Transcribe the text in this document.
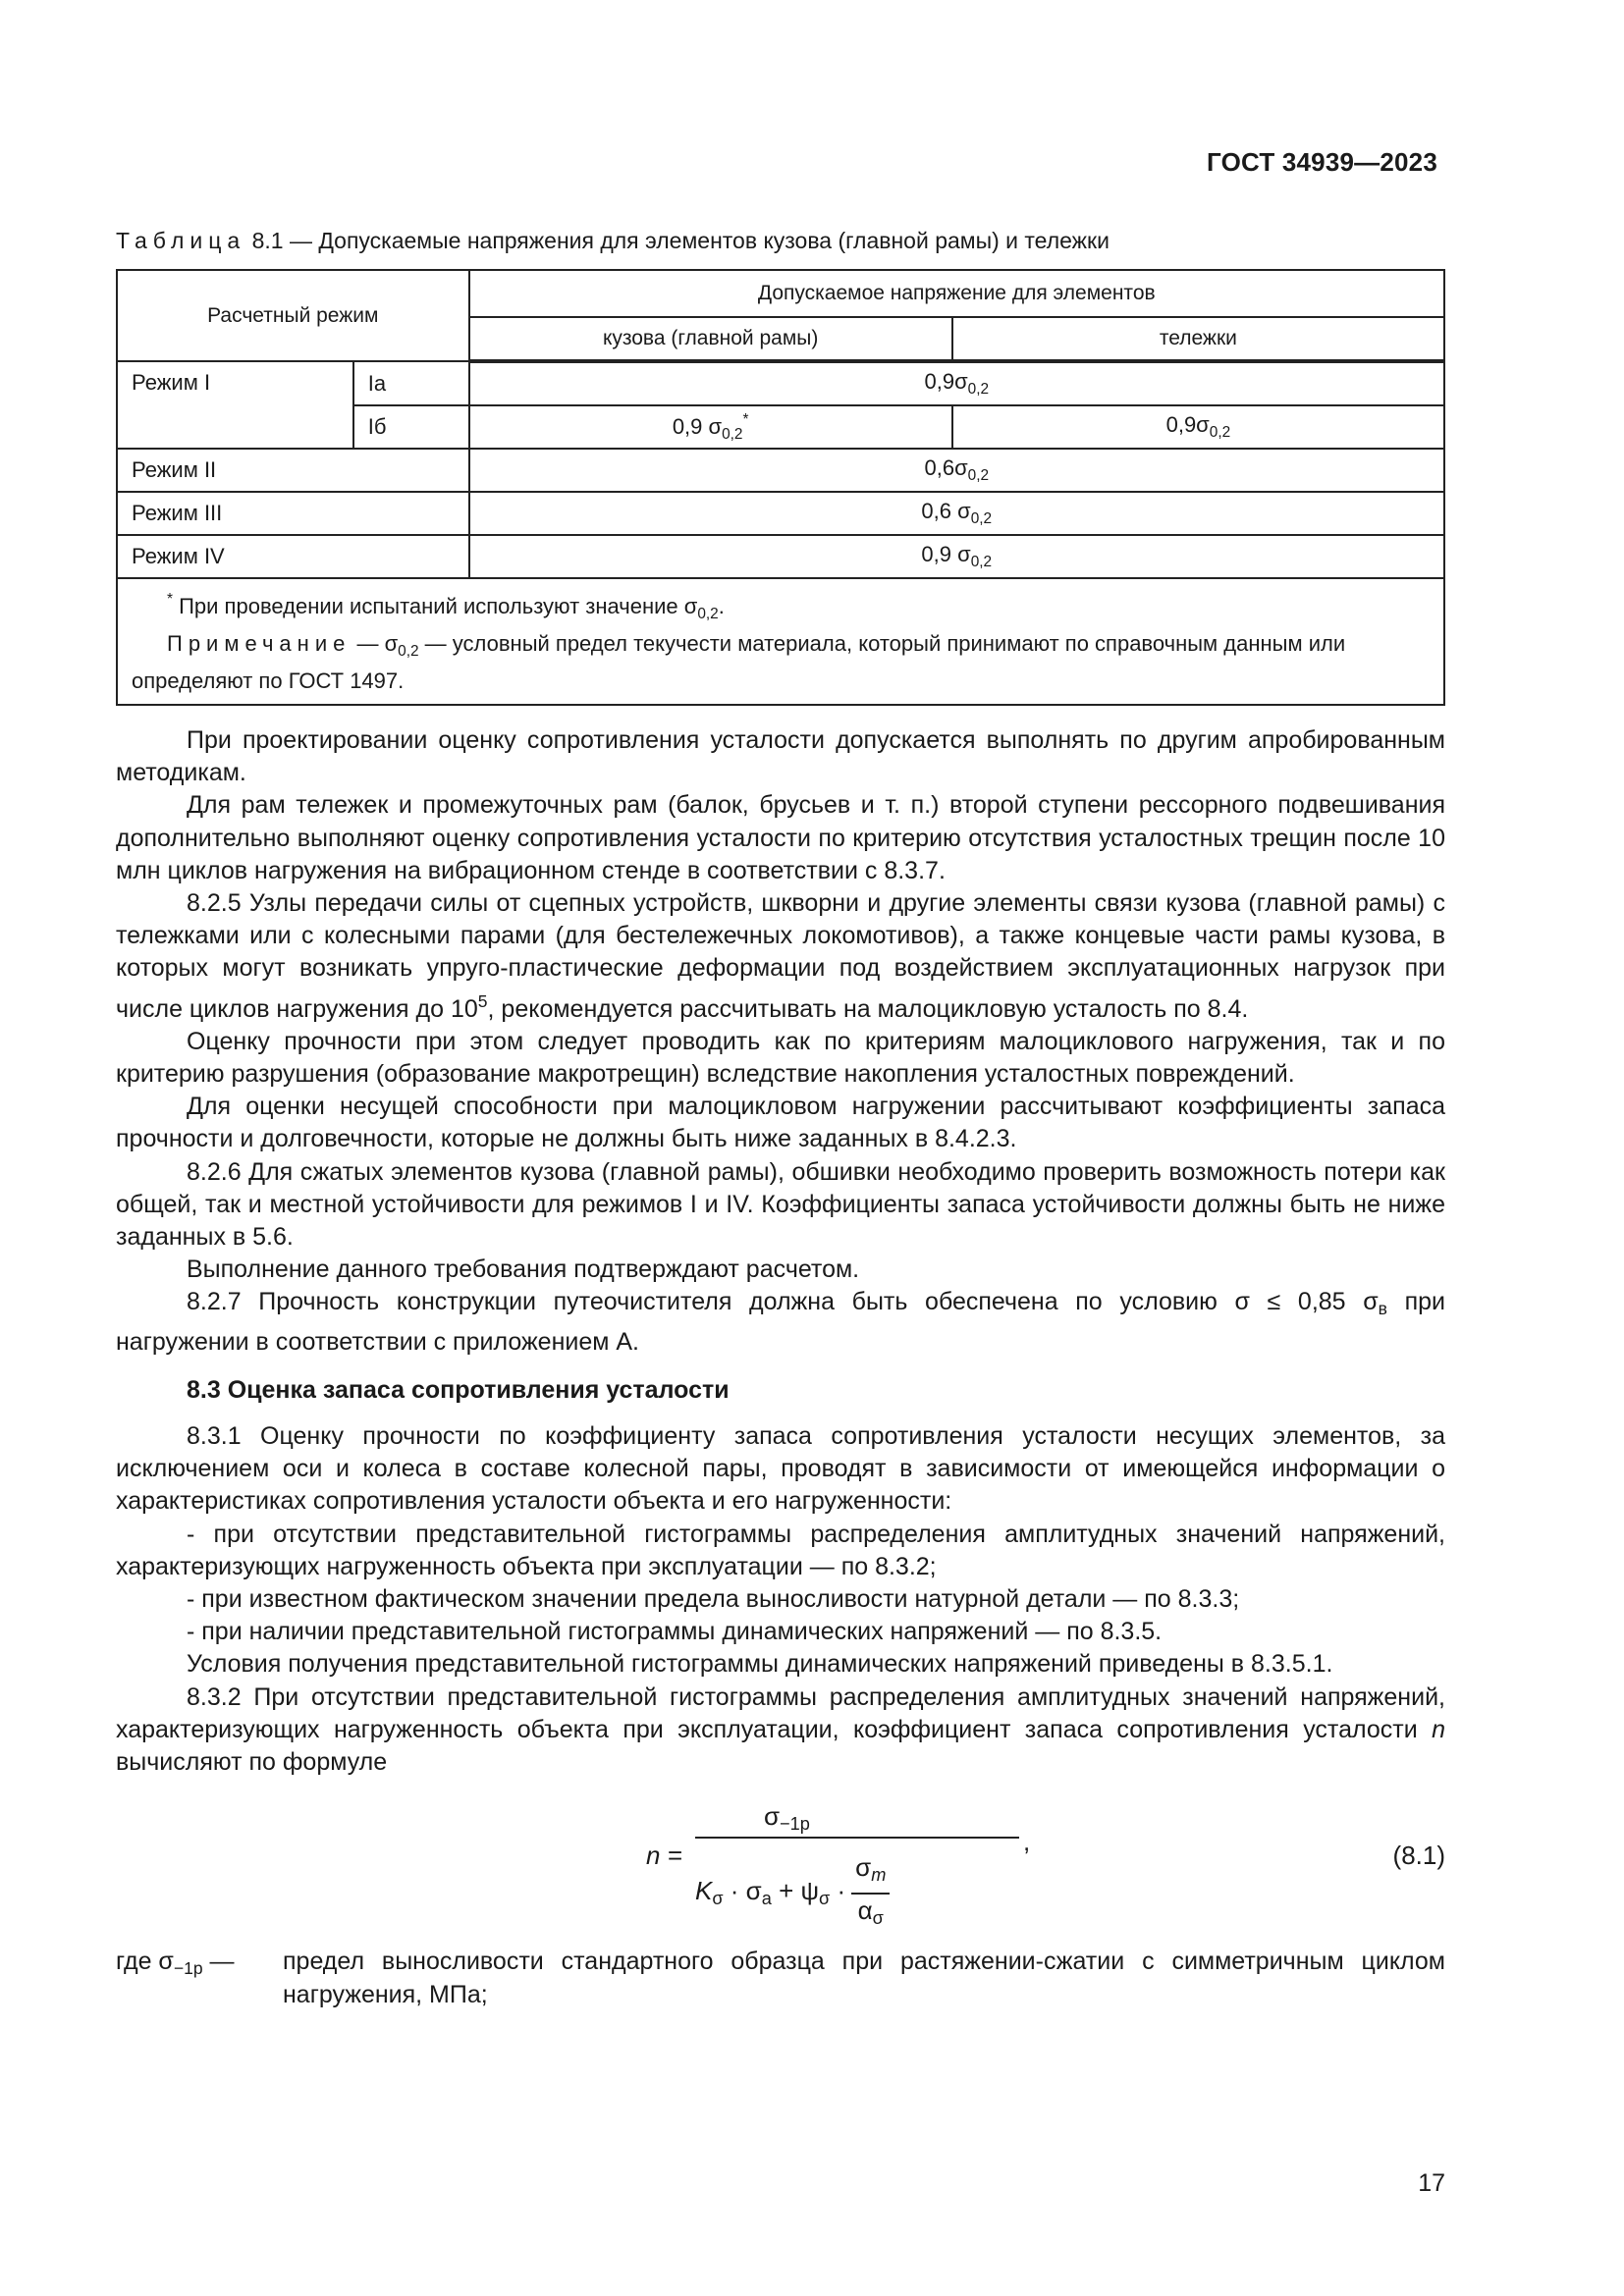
ГОСТ 34939—2023
Таблица 8.1 — Допускаемые напряжения для элементов кузова (главной рамы) и тележки
Расчетный режим		Допускаемое напряжение для элементов	
		кузова (главной рамы)	тележки
Режим I	Iа	$0,9\sigma_{0,2}$
	Iб	0,9 $\sigma_{0,2}^*$	$0,9\sigma_{0,2}$
Режим II		$0,6\sigma_{0,2}$
Режим III		0,6 $\sigma_{0,2}$
Режим IV		0,9 $\sigma_{0,2}$

* При проведении испытаний используют значение $\sigma_{0,2}$.
Примечание — $\sigma_{0,2}$ — условный предел текучести материала, который принимают по справочным данным или определяют по ГОСТ 1497.			

При проектировании оценку сопротивления усталости допускается выполнять по другим апробированным методикам.

Для рам тележек и промежуточных рам (балок, брусьев и т. п.) второй ступени рессорного подвешивания дополнительно выполняют оценку сопротивления усталости по критерию отсутствия усталостных трещин после 10 млн циклов нагружения на вибрационном стенде в соответствии с 8.3.7.

8.2.5 Узлы передачи силы от сцепных устройств, шкворни и другие элементы связи кузова (главной рамы) с тележками или с колесными парами (для бестележечных локомотивов), а также концевые части рамы кузова, в которых могут возникать упруго-пластические деформации под воздействием эксплуатационных нагрузок при числе циклов нагружения до $10^5$, рекомендуется рассчитывать на малоцикловую усталость по 8.4.

Оценку прочности при этом следует проводить как по критериям малоциклового нагружения, так и по критерию разрушения (образование макротрещин) вследствие накопления усталостных повреждений.

Для оценки несущей способности при малоцикловом нагружении рассчитывают коэффициенты запаса прочности и долговечности, которые не должны быть ниже заданных в 8.4.2.3.

8.2.6 Для сжатых элементов кузова (главной рамы), обшивки необходимо проверить возможность потери как общей, так и местной устойчивости для режимов I и IV. Коэффициенты запаса устойчивости должны быть не ниже заданных в 5.6.

Выполнение данного требования подтверждают расчетом.

8.2.7 Прочность конструкции путеочистителя должна быть обеспечена по условию σ ≤ 0,85 $\sigma_в$ при нагружении в соответствии с приложением А.

8.3 Оценка запаса сопротивления усталости

8.3.1 Оценку прочности по коэффициенту запаса сопротивления усталости несущих элементов, за исключением оси и колеса в составе колесной пары, проводят в зависимости от имеющейся информации о характеристиках сопротивления усталости объекта и его нагруженности:

- при отсутствии представительной гистограммы распределения амплитудных значений напряжений, характеризующих нагруженность объекта при эксплуатации — по 8.3.2;

- при известном фактическом значении предела выносливости натурной детали — по 8.3.3;

- при наличии представительной гистограммы динамических напряжений — по 8.3.5.

Условия получения представительной гистограммы динамических напряжений приведены в 8.3.5.1.

8.3.2 При отсутствии представительной гистограммы распределения амплитудных значений напряжений, характеризующих нагруженность объекта при эксплуатации, коэффициент запаса сопротивления усталости n вычисляют по формуле

n =
$\sigma_{-1p}$
$K_\sigma \cdot \sigma_a + \psi_\sigma \cdot \frac{\sigma_m}{\alpha_\sigma}$
,	(8.1)
где $\sigma_{-1p}$ — предел выносливости стандартного образца при растяжении-сжатии с симметричным циклом нагружения, МПа;
17
